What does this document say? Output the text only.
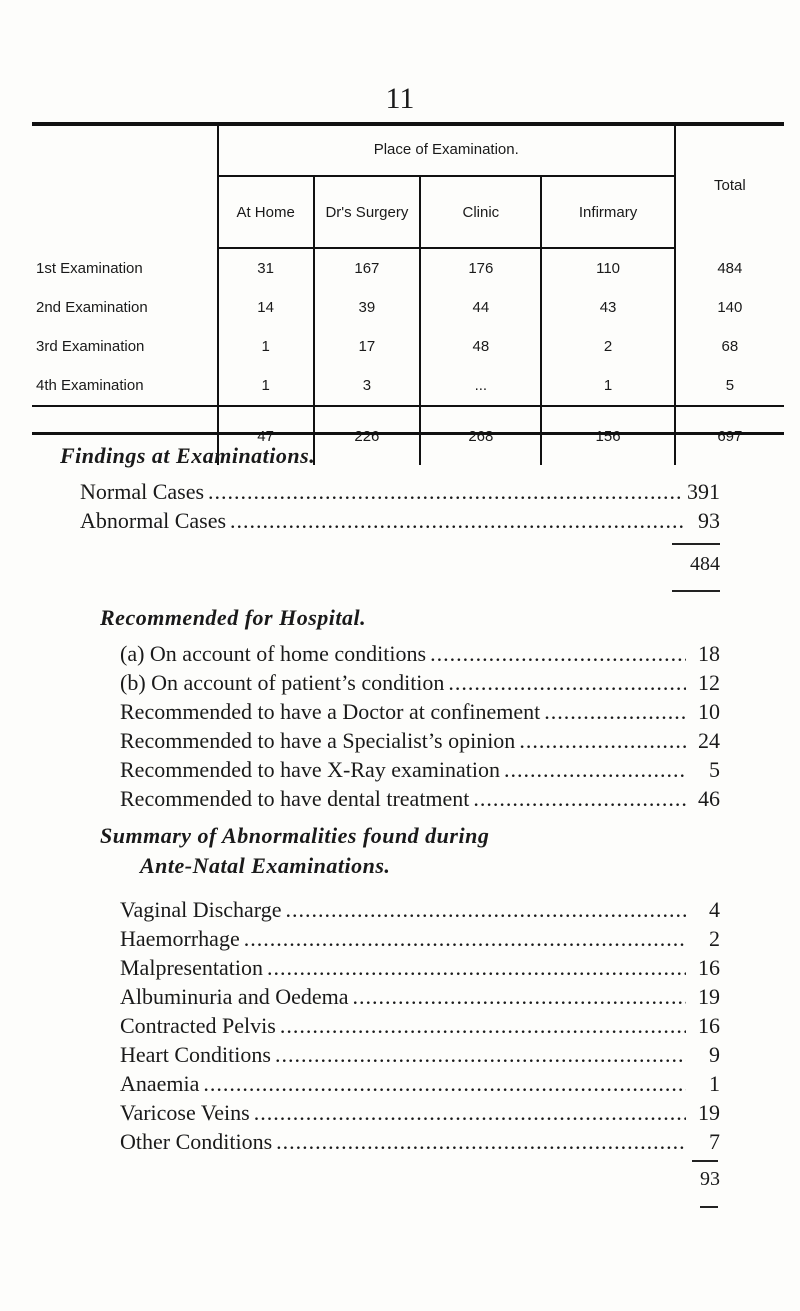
11
	Place of Examination.				Total
	At Home	Dr's Surgery	Clinic	Infirmary	
1st Examination	31	167	176	110	484
2nd Examination	14	39	44	43	140
3rd Examination	1	17	48	2	68
4th Examination	1	3	...	1	5
	47	226	268	156	697
Findings at Examinations.
Normal Cases .....	391
Abnormal Cases .....	93
484
Recommended for Hospital.
(a) On account of home conditions .....	18
(b) On account of patient’s condition .....	12
Recommended to have a Doctor at confinement .....	10
Recommended to have a Specialist’s opinion .....	24
Recommended to have X-Ray examination .....	5
Recommended to have dental treatment .....	46
Summary of Abnormalities found during
Ante-Natal Examinations.
Vaginal Discharge .....	4
Haemorrhage .....	2
Malpresentation .....	16
Albuminuria and Oedema .....	19
Contracted Pelvis .....	16
Heart Conditions .....	9
Anaemia .....	1
Varicose Veins .....	19
Other Conditions .....	7
93
